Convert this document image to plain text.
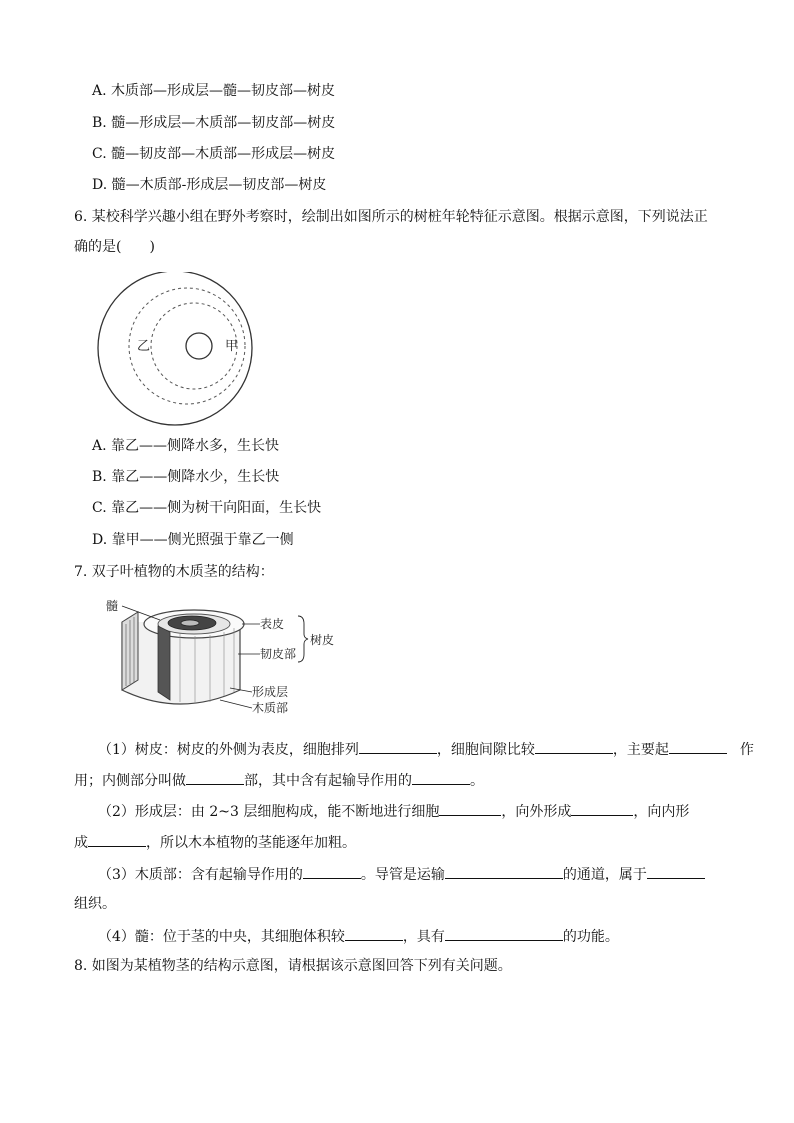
A. 木质部—形成层—髓—韧皮部—树皮
B. 髓—形成层—木质部—韧皮部—树皮
C. 髓—韧皮部—木质部—形成层—树皮
D. 髓—木质部-形成层—韧皮部—树皮
6. 某校科学兴趣小组在野外考察时，绘制出如图所示的树桩年轮特征示意图。根据示意图，下列说法正
确的是(　　)
乙	甲
A. 靠乙——侧降水多，生长快
B. 靠乙——侧降水少，生长快
C. 靠乙——侧为树干向阳面，生长快
D. 靠甲——侧光照强于靠乙一侧
7. 双子叶植物的木质茎的结构：
髓
表皮
韧皮部
树皮
形成层
木质部
（1）树皮：树皮的外侧为表皮，细胞排列	，细胞间隙比较	，主要起	作
用；内侧部分叫做	部，其中含有起输导作用的	。
（2）形成层：由 2~3 层细胞构成，能不断地进行细胞	，向外形成	，向内形
成	，所以木本植物的茎能逐年加粗。
（3）木质部：含有起输导作用的	。导管是运输	的通道，属于
组织。
（4）髓：位于茎的中央，其细胞体积较	，具有	的功能。
8. 如图为某植物茎的结构示意图，请根据该示意图回答下列有关问题。
